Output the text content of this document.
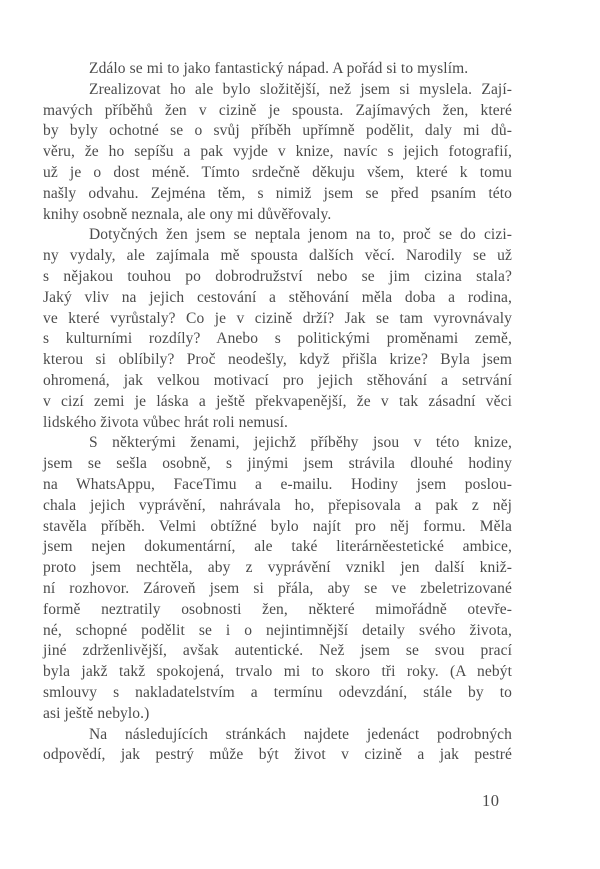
Zdálo se mi to jako fantastický nápad. A pořád si to myslím.
Zrealizovat ho ale bylo složitější, než jsem si myslela. Zají-
mavých příběhů žen v cizině je spousta. Zajímavých žen, které
by byly ochotné se o svůj příběh upřímně podělit, daly mi dů-
věru, že ho sepíšu a pak vyjde v knize, navíc s jejich fotografií,
už je o dost méně. Tímto srdečně děkuju všem, které k tomu
našly odvahu. Zejména těm, s nimiž jsem se před psaním této
knihy osobně neznala, ale ony mi důvěřovaly.
Dotyčných žen jsem se neptala jenom na to, proč se do cizi-
ny vydaly, ale zajímala mě spousta dalších věcí. Narodily se už
s nějakou touhou po dobrodružství nebo se jim cizina stala?
Jaký vliv na jejich cestování a stěhování měla doba a rodina,
ve které vyrůstaly? Co je v cizině drží? Jak se tam vyrovnávaly
s kulturními rozdíly? Anebo s politickými proměnami země,
kterou si oblíbily? Proč neodešly, když přišla krize? Byla jsem
ohromená, jak velkou motivací pro jejich stěhování a setrvání
v cizí zemi je láska a ještě překvapenější, že v tak zásadní věci
lidského života vůbec hrát roli nemusí.
S některými ženami, jejichž příběhy jsou v této knize,
jsem se sešla osobně, s jinými jsem strávila dlouhé hodiny
na WhatsAppu, FaceTimu a e-mailu. Hodiny jsem poslou-
chala jejich vyprávění, nahrávala ho, přepisovala a pak z něj
stavěla příběh. Velmi obtížné bylo najít pro něj formu. Měla
jsem nejen dokumentární, ale také literárněestetické ambice,
proto jsem nechtěla, aby z vyprávění vznikl jen další kniž-
ní rozhovor. Zároveň jsem si přála, aby se ve zbeletrizované
formě neztratily osobnosti žen, některé mimořádně otevře-
né, schopné podělit se i o nejintimnější detaily svého života,
jiné zdrženlivější, avšak autentické. Než jsem se svou prací
byla jakž takž spokojená, trvalo mi to skoro tři roky. (A nebýt
smlouvy s nakladatelstvím a termínu odevzdání, stále by to
asi ještě nebylo.)
Na následujících stránkách najdete jedenáct podrobných
odpovědí, jak pestrý může být život v cizině a jak pestré
10
